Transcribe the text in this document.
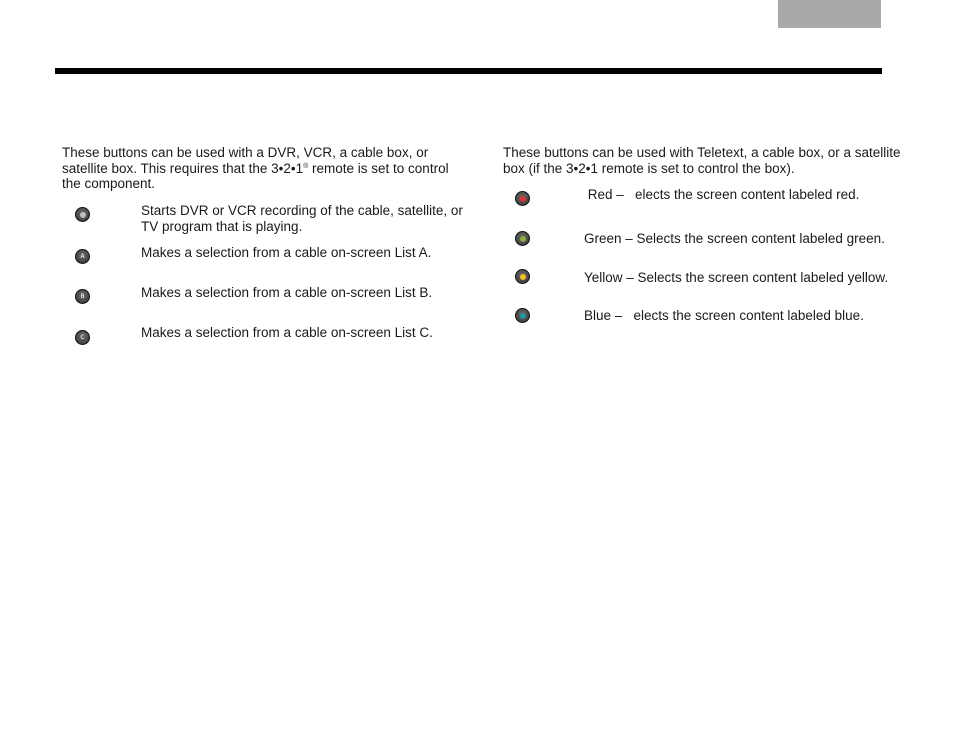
These buttons can be used with a DVR, VCR, a cable box, or satellite box. This requires that the 3•2•1® remote is set to control the component.

These buttons can be used with Teletext, a cable box, or a satellite box (if the 3•2•1 remote is set to control the box).

Starts DVR or VCR recording of the cable, satellite, or TV program that is playing.
A	Makes a selection from a cable on-screen List A.
B	Makes a selection from a cable on-screen List B.
C	Makes a selection from a cable on-screen List C.
Red –   elects the screen content labeled red.
Green – Selects the screen content labeled green.
Yellow – Selects the screen content labeled yellow.
Blue –   elects the screen content labeled blue.
